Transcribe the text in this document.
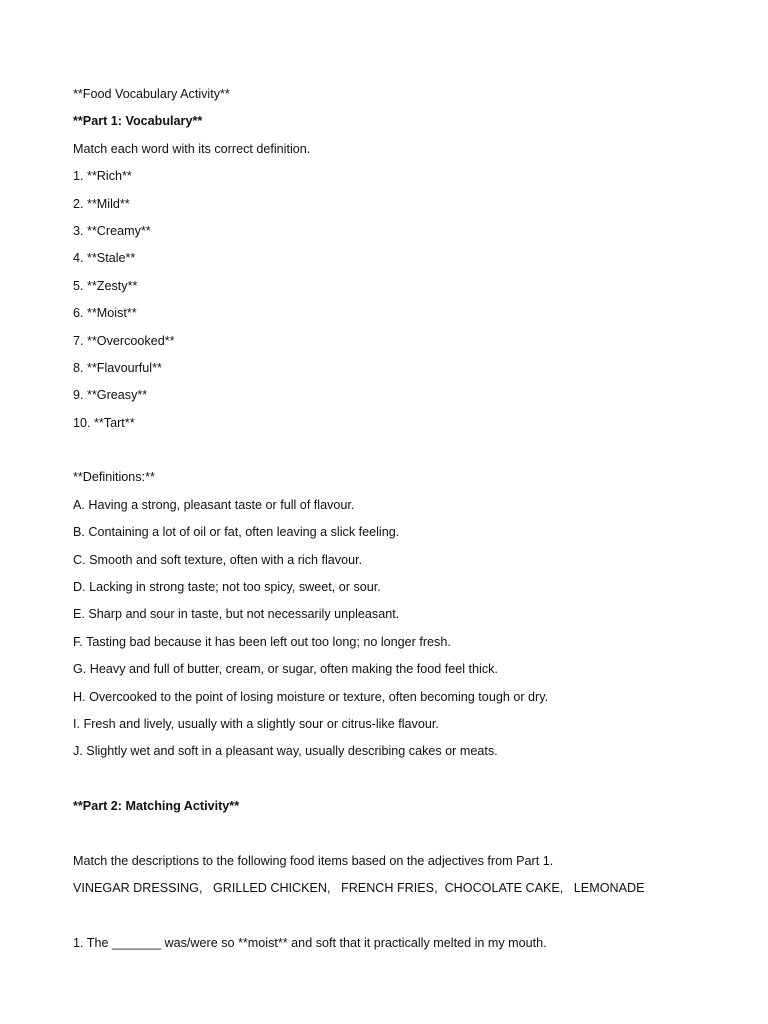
**Food Vocabulary Activity**
**Part 1: Vocabulary**
Match each word with its correct definition.
1. **Rich**
2. **Mild**
3. **Creamy**
4. **Stale**
5. **Zesty**
6. **Moist**
7. **Overcooked**
8. **Flavourful**
9. **Greasy**
10. **Tart**
**Definitions:**
A. Having a strong, pleasant taste or full of flavour.
B. Containing a lot of oil or fat, often leaving a slick feeling.
C. Smooth and soft texture, often with a rich flavour.
D. Lacking in strong taste; not too spicy, sweet, or sour.
E. Sharp and sour in taste, but not necessarily unpleasant.
F. Tasting bad because it has been left out too long; no longer fresh.
G. Heavy and full of butter, cream, or sugar, often making the food feel thick.
H. Overcooked to the point of losing moisture or texture, often becoming tough or dry.
I. Fresh and lively, usually with a slightly sour or citrus-like flavour.
J. Slightly wet and soft in a pleasant way, usually describing cakes or meats.
**Part 2: Matching Activity**
Match the descriptions to the following food items based on the adjectives from Part 1.
VINEGAR DRESSING,   GRILLED CHICKEN,   FRENCH FRIES,  CHOCOLATE CAKE,   LEMONADE
1. The _______ was/were so **moist** and soft that it practically melted in my mouth.
